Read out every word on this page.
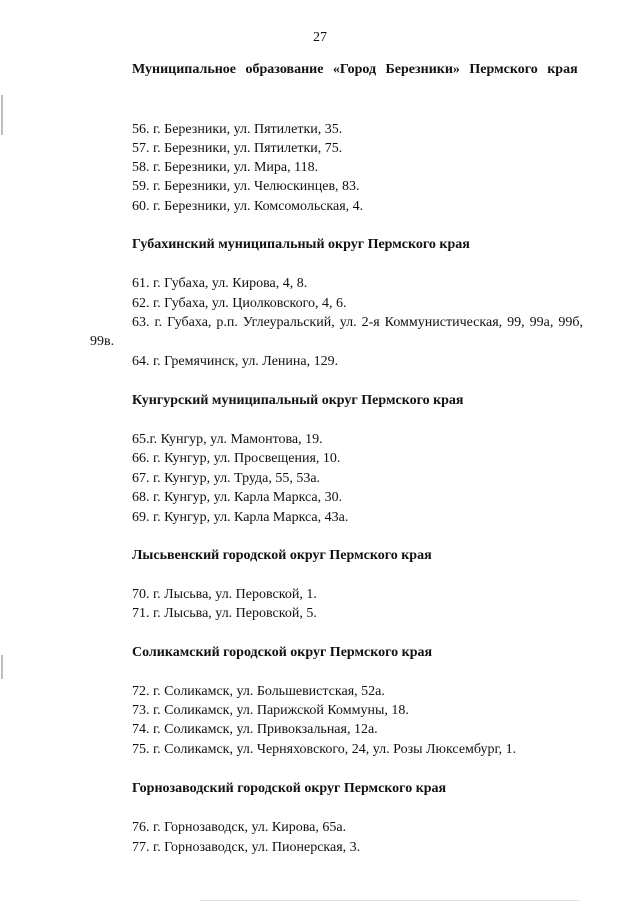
27
Муниципальное образование «Город Березники» Пермского края
56. г. Березники, ул. Пятилетки, 35.
57. г. Березники, ул. Пятилетки, 75.
58. г. Березники, ул. Мира, 118.
59. г. Березники, ул. Челюскинцев, 83.
60. г. Березники, ул. Комсомольская, 4.
Губахинский муниципальный округ Пермского края
61. г. Губаха, ул. Кирова, 4, 8.
62. г. Губаха, ул. Циолковского, 4, 6.
63. г. Губаха, р.п. Углеуральский, ул. 2-я Коммунистическая, 99, 99а, 99б, 99в.
64. г. Гремячинск, ул. Ленина, 129.
Кунгурский муниципальный округ Пермского края
65.г. Кунгур, ул. Мамонтова, 19.
66. г. Кунгур, ул. Просвещения, 10.
67. г. Кунгур, ул. Труда, 55, 53а.
68. г. Кунгур, ул. Карла Маркса, 30.
69. г. Кунгур, ул. Карла Маркса, 43а.
Лысьвенский городской округ Пермского края
70. г. Лысьва, ул. Перовской, 1.
71. г. Лысьва, ул. Перовской, 5.
Соликамский городской округ Пермского края
72. г. Соликамск, ул. Большевистская, 52а.
73. г. Соликамск, ул. Парижской Коммуны, 18.
74. г. Соликамск, ул. Привокзальная, 12а.
75. г. Соликамск, ул. Черняховского, 24, ул. Розы Люксембург, 1.
Горнозаводский городской округ Пермского края
76. г. Горнозаводск, ул. Кирова, 65а.
77. г. Горнозаводск, ул. Пионерская, 3.
